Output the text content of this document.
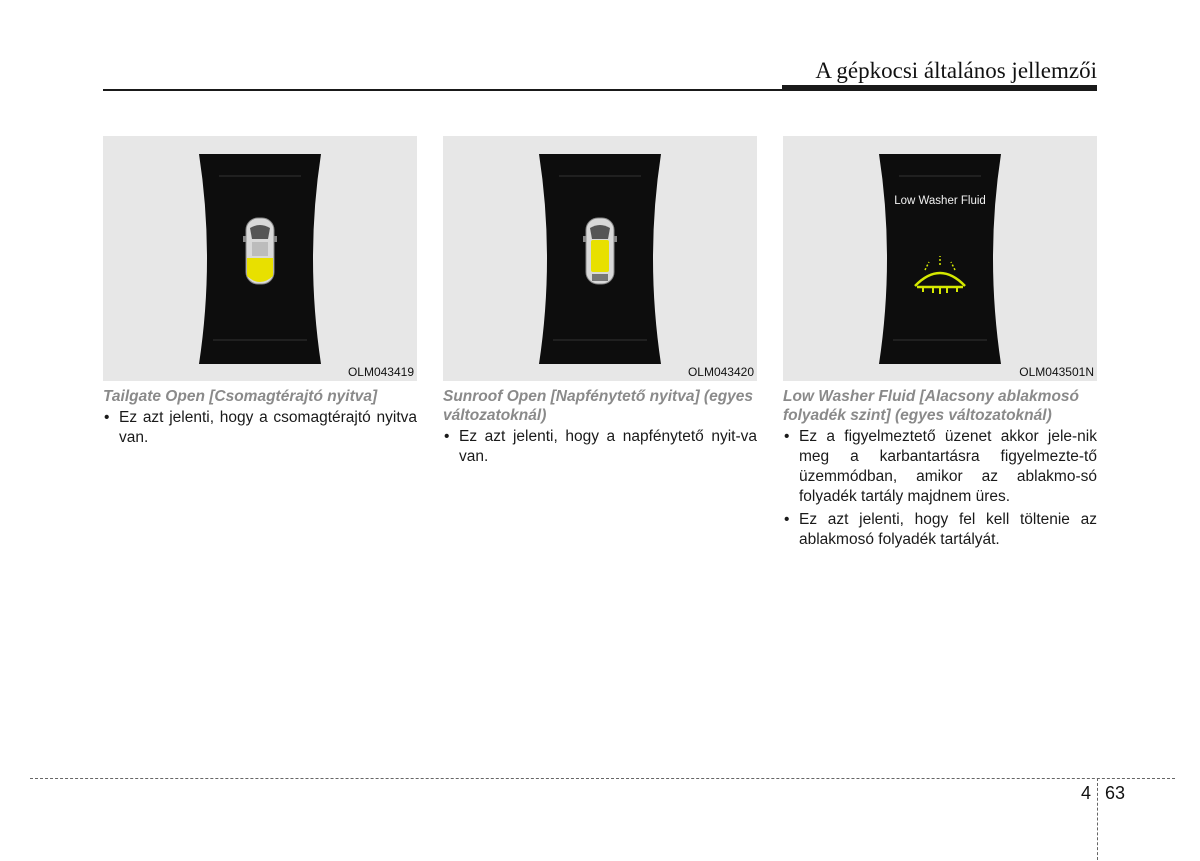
A gépkocsi általános jellemzői
OLM043419
Tailgate Open [Csomagtérajtó nyitva]
• Ez azt jelenti, hogy a csomagtérajtó nyitva van.
OLM043420
Sunroof Open [Napfénytető nyitva] (egyes változatoknál)
• Ez azt jelenti, hogy a napfénytető nyit-va van.
Low Washer Fluid
OLM043501N
Low Washer Fluid [Alacsony ablakmosó folyadék szint] (egyes változatoknál)
• Ez a figyelmeztető üzenet akkor jele-nik meg a karbantartásra figyelmezte-tő üzemmódban, amikor az ablakmo-só folyadék tartály majdnem üres.
• Ez azt jelenti, hogy fel kell töltenie az ablakmosó folyadék tartályát.
4 63
